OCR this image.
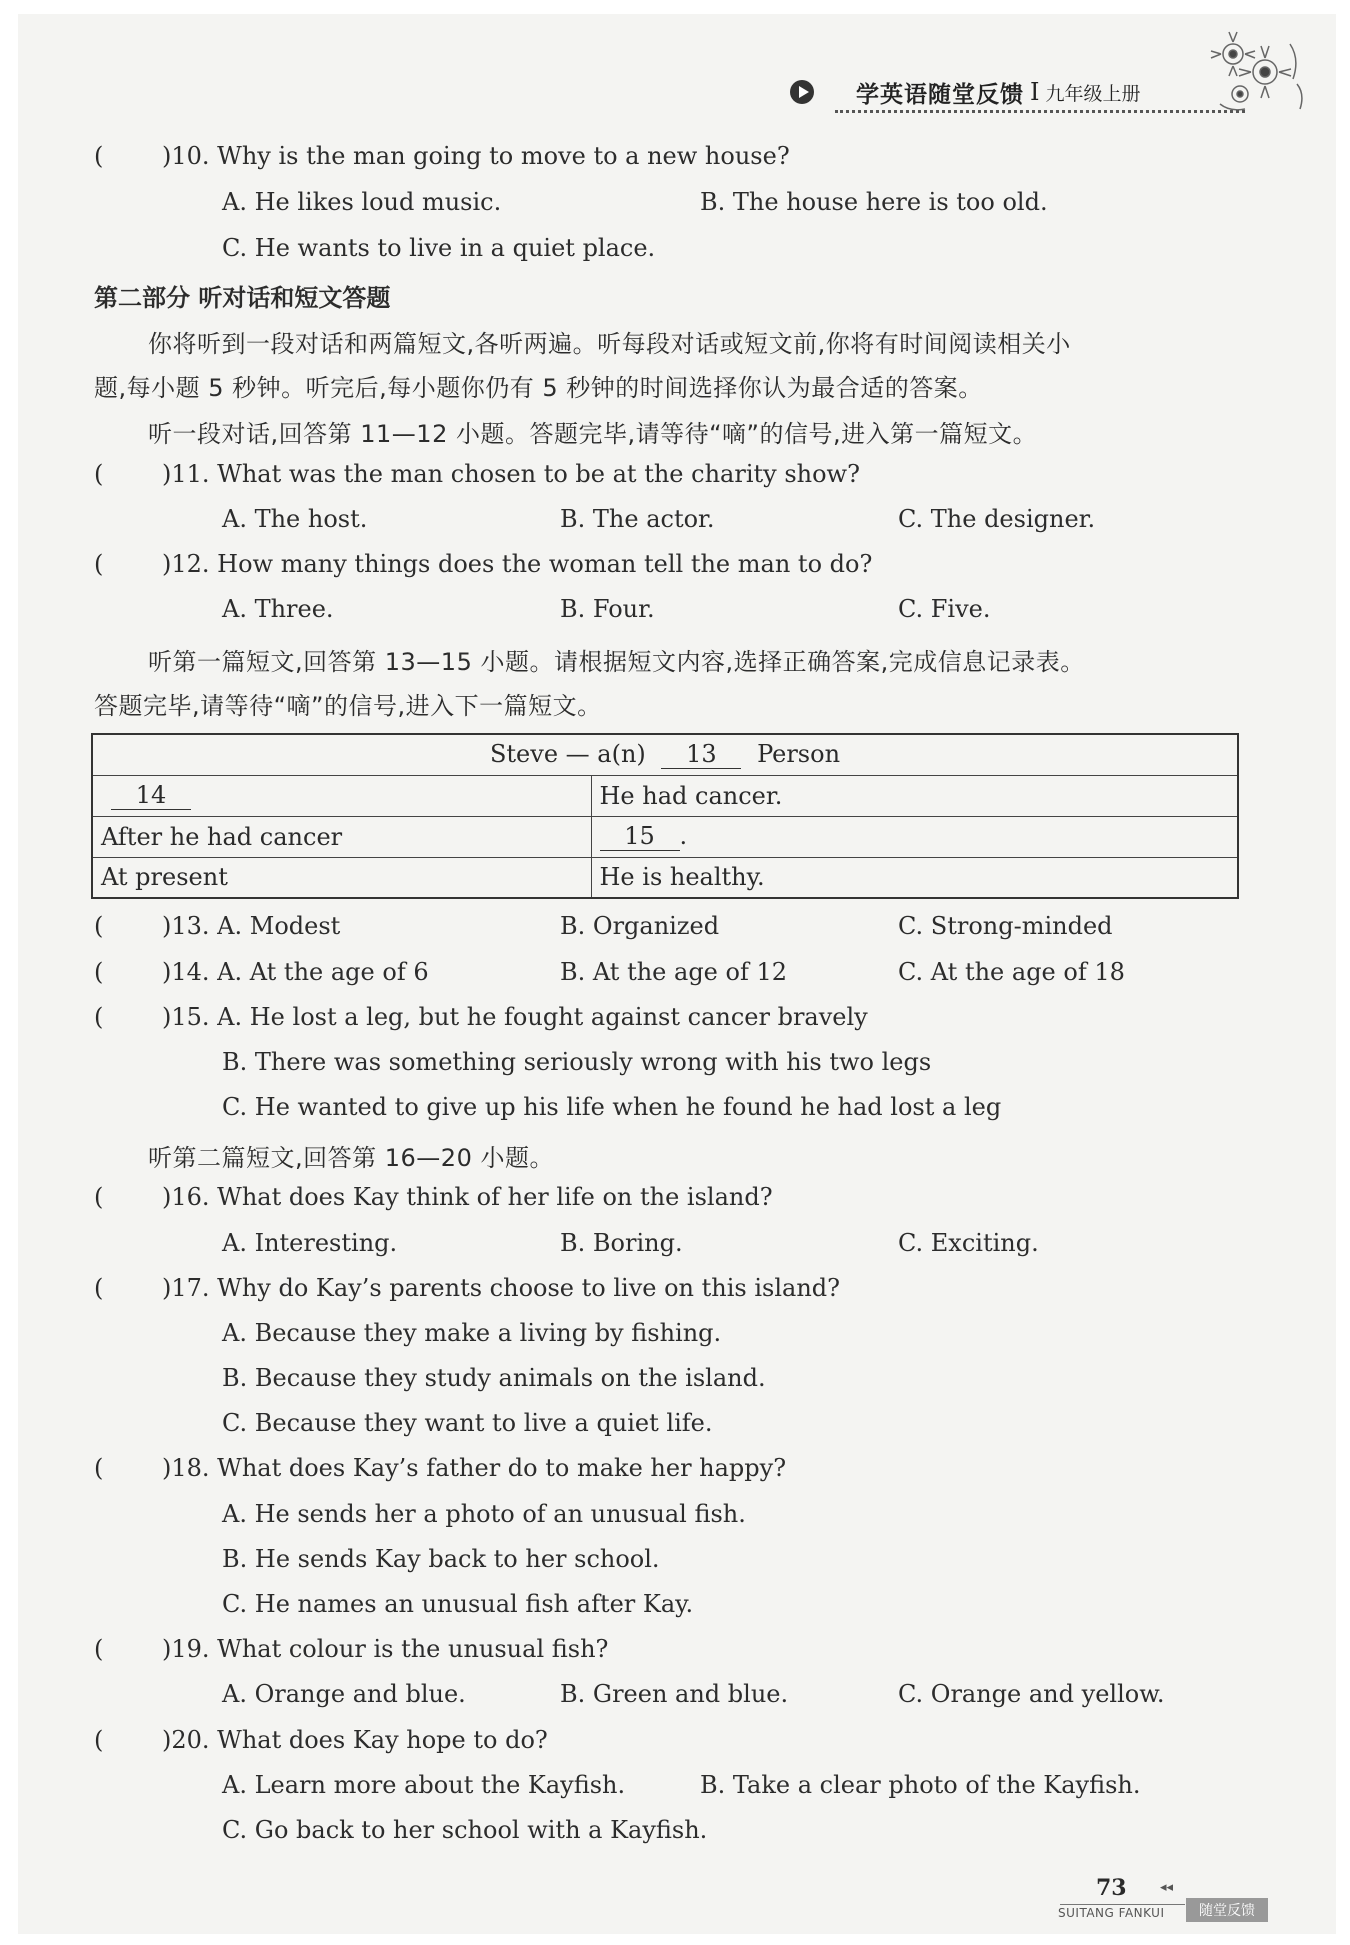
学英语随堂反馈 I 九年级上册
( )10. Why is the man going to move to a new house?
A. He likes loud music.	B. The house here is too old.
C. He wants to live in a quiet place.
第二部分 听对话和短文答题
你将听到一段对话和两篇短文,各听两遍。听每段对话或短文前,你将有时间阅读相关小
题,每小题 5 秒钟。听完后,每小题你仍有 5 秒钟的时间选择你认为最合适的答案。
听一段对话,回答第 11—12 小题。答题完毕,请等待“嘀”的信号,进入第一篇短文。
( )11. What was the man chosen to be at the charity show?
A. The host.	B. The actor.	C. The designer.
( )12. How many things does the woman tell the man to do?
A. Three.	B. Four.	C. Five.
听第一篇短文,回答第 13—15 小题。请根据短文内容,选择正确答案,完成信息记录表。
答题完毕,请等待“嘀”的信号,进入下一篇短文。
Steve — a(n) 13 Person	
14	He had cancer.
After he had cancer	15 .
At present	He is healthy.
( )13. A. Modest	B. Organized	C. Strong-minded
( )14. A. At the age of 6	B. At the age of 12	C. At the age of 18
( )15. A. He lost a leg, but he fought against cancer bravely
B. There was something seriously wrong with his two legs
C. He wanted to give up his life when he found he had lost a leg
听第二篇短文,回答第 16—20 小题。
( )16. What does Kay think of her life on the island?
A. Interesting.	B. Boring.	C. Exciting.
( )17. Why do Kay’s parents choose to live on this island?
A. Because they make a living by fishing.
B. Because they study animals on the island.
C. Because they want to live a quiet life.
( )18. What does Kay’s father do to make her happy?
A. He sends her a photo of an unusual fish.
B. He sends Kay back to her school.
C. He names an unusual fish after Kay.
( )19. What colour is the unusual fish?
A. Orange and blue.	B. Green and blue.	C. Orange and yellow.
( )20. What does Kay hope to do?
A. Learn more about the Kayfish.	B. Take a clear photo of the Kayfish.
C. Go back to her school with a Kayfish.
73	◂◂
SUITANG FANKUI	随堂反馈
